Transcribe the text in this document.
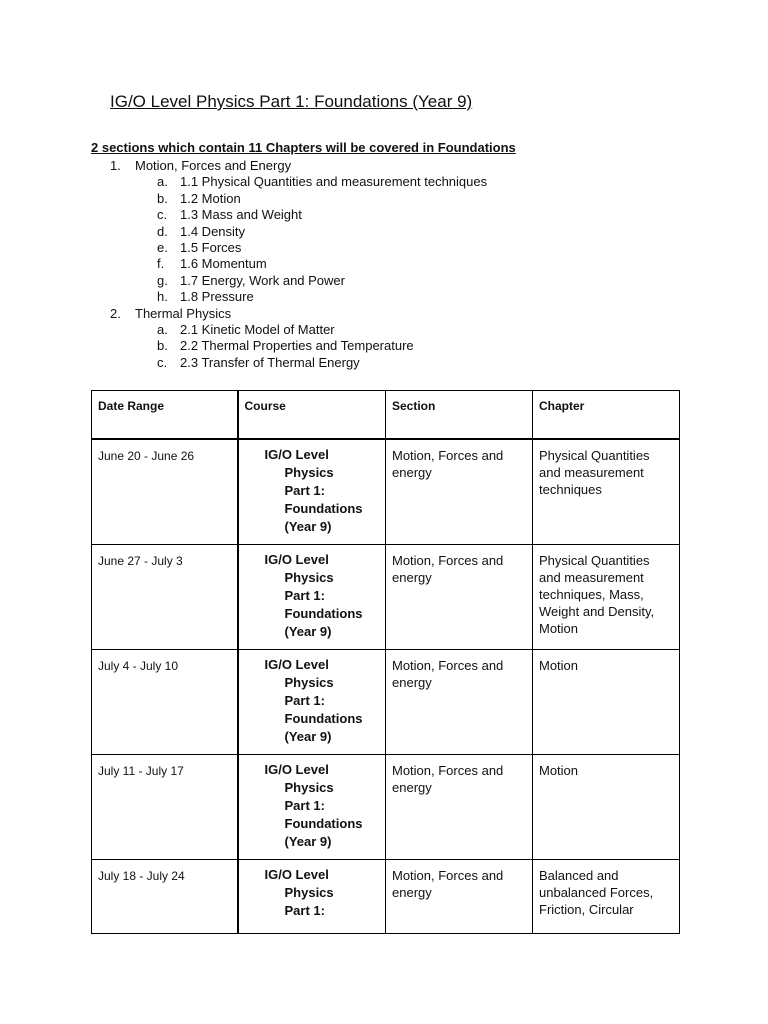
IG/O Level Physics Part 1: Foundations (Year 9)

2 sections which contain 11 Chapters will be covered in Foundations

1.	Motion, Forces and Energy
a. 1.1 Physical Quantities and measurement techniques
b. 1.2 Motion
c. 1.3 Mass and Weight
d. 1.4 Density
e. 1.5 Forces
f.	1.6 Momentum
g. 1.7 Energy, Work and Power
h. 1.8 Pressure
2.	Thermal Physics
a. 2.1 Kinetic Model of Matter
b. 2.2 Thermal Properties and Temperature
c. 2.3 Transfer of Thermal Energy
Date Range	Course	Section	Chapter
June 20 - June 26	IG/O Level Physics Part 1: Foundations (Year 9)	Motion, Forces and energy	Physical Quantities and measurement techniques
June 27 - July 3	IG/O Level Physics Part 1: Foundations (Year 9)	Motion, Forces and energy	Physical Quantities and measurement techniques, Mass, Weight and Density, Motion
July 4 - July 10	IG/O Level Physics Part 1: Foundations (Year 9)	Motion, Forces and energy	Motion
July 11 - July 17	IG/O Level Physics Part 1: Foundations (Year 9)	Motion, Forces and energy	Motion
July 18 - July 24	IG/O Level Physics Part 1:	Motion, Forces and energy	Balanced and unbalanced Forces, Friction, Circular
